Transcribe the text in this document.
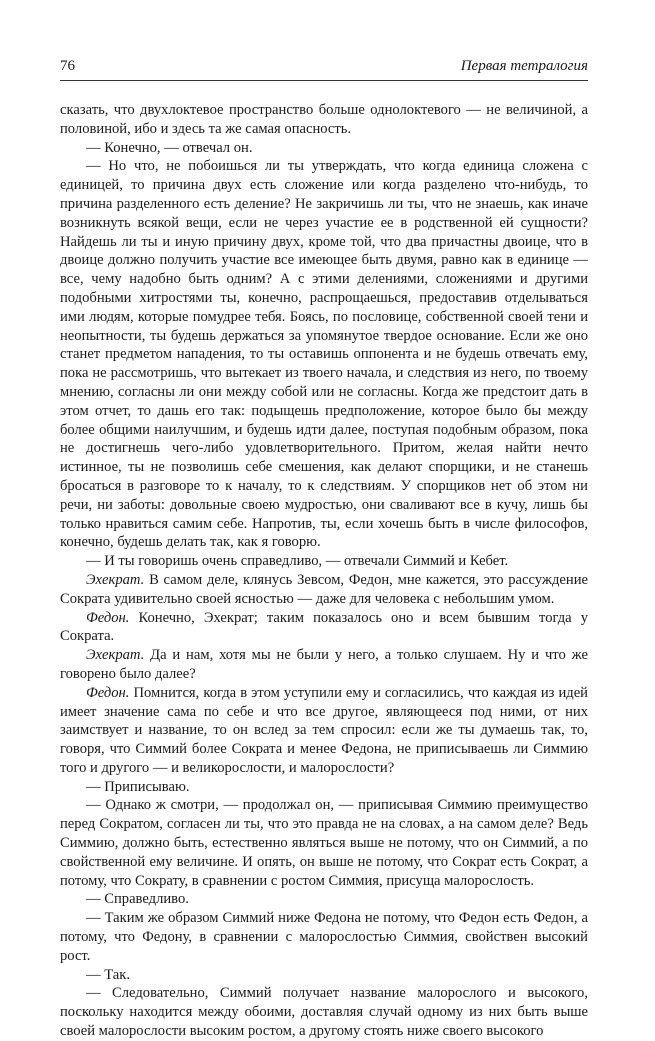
76	Первая тетралогия

сказать, что двухлоктевое пространство больше однолоктевого — не величиной, а половиной, ибо и здесь та же самая опасность.

— Конечно, — отвечал он.

— Но что, не побоишься ли ты утверждать, что когда единица сложена с единицей, то причина двух есть сложение или когда разделено что-нибудь, то причина разделенного есть деление? Не закричишь ли ты, что не знаешь, как иначе возникнуть всякой вещи, если не через участие ее в родственной ей сущности? Найдешь ли ты и иную причину двух, кроме той, что два причастны двоице, что в двоице должно получить участие все имеющее быть двумя, равно как в единице — все, чему надобно быть одним? А с этими делениями, сложениями и другими подобными хитростями ты, конечно, распрощаешься, предоставив отделываться ими людям, которые помудрее тебя. Боясь, по пословице, собственной своей тени и неопытности, ты будешь держаться за упомянутое твердое основание. Если же оно станет предметом нападения, то ты оставишь оппонента и не будешь отвечать ему, пока не рассмотришь, что вытекает из твоего начала, и следствия из него, по твоему мнению, согласны ли они между собой или не согласны. Когда же предстоит дать в этом отчет, то дашь его так: подыщешь предположение, которое было бы между более общими наилучшим, и будешь идти далее, поступая подобным образом, пока не достигнешь чего-либо удовлетворительного. Притом, желая найти нечто истинное, ты не позволишь себе смешения, как делают спорщики, и не станешь бросаться в разговоре то к началу, то к следствиям. У спорщиков нет об этом ни речи, ни заботы: довольные своею мудростью, они сваливают все в кучу, лишь бы только нравиться самим себе. Напротив, ты, если хочешь быть в числе философов, конечно, будешь делать так, как я говорю.

— И ты говоришь очень справедливо, — отвечали Симмий и Кебет.

Эхекрат. В самом деле, клянусь Зевсом, Федон, мне кажется, это рассуждение Сократа удивительно своей ясностью — даже для человека с небольшим умом.

Федон. Конечно, Эхекрат; таким показалось оно и всем бывшим тогда у Сократа.

Эхекрат. Да и нам, хотя мы не были у него, а только слушаем. Ну и что же говорено было далее?

Федон. Помнится, когда в этом уступили ему и согласились, что каждая из идей имеет значение сама по себе и что все другое, являющееся под ними, от них заимствует и название, то он вслед за тем спросил: если же ты думаешь так, то, говоря, что Симмий более Сократа и менее Федона, не приписываешь ли Симмию того и другого — и великорослости, и малорослости?

— Приписываю.

— Однако ж смотри, — продолжал он, — приписывая Симмию преимущество перед Сократом, согласен ли ты, что это правда не на словах, а на самом деле? Ведь Симмию, должно быть, естественно являться выше не потому, что он Симмий, а по свойственной ему величине. И опять, он выше не потому, что Сократ есть Сократ, а потому, что Сократу, в сравнении с ростом Симмия, присуща малорослость.

— Справедливо.

— Таким же образом Симмий ниже Федона не потому, что Федон есть Федон, а потому, что Федону, в сравнении с малорослостью Симмия, свойствен высокий рост.

— Так.

— Следовательно, Симмий получает название малорослого и высокого, поскольку находится между обоими, доставляя случай одному из них быть выше своей малорослости высоким ростом, а другому стоять ниже своего высокого
